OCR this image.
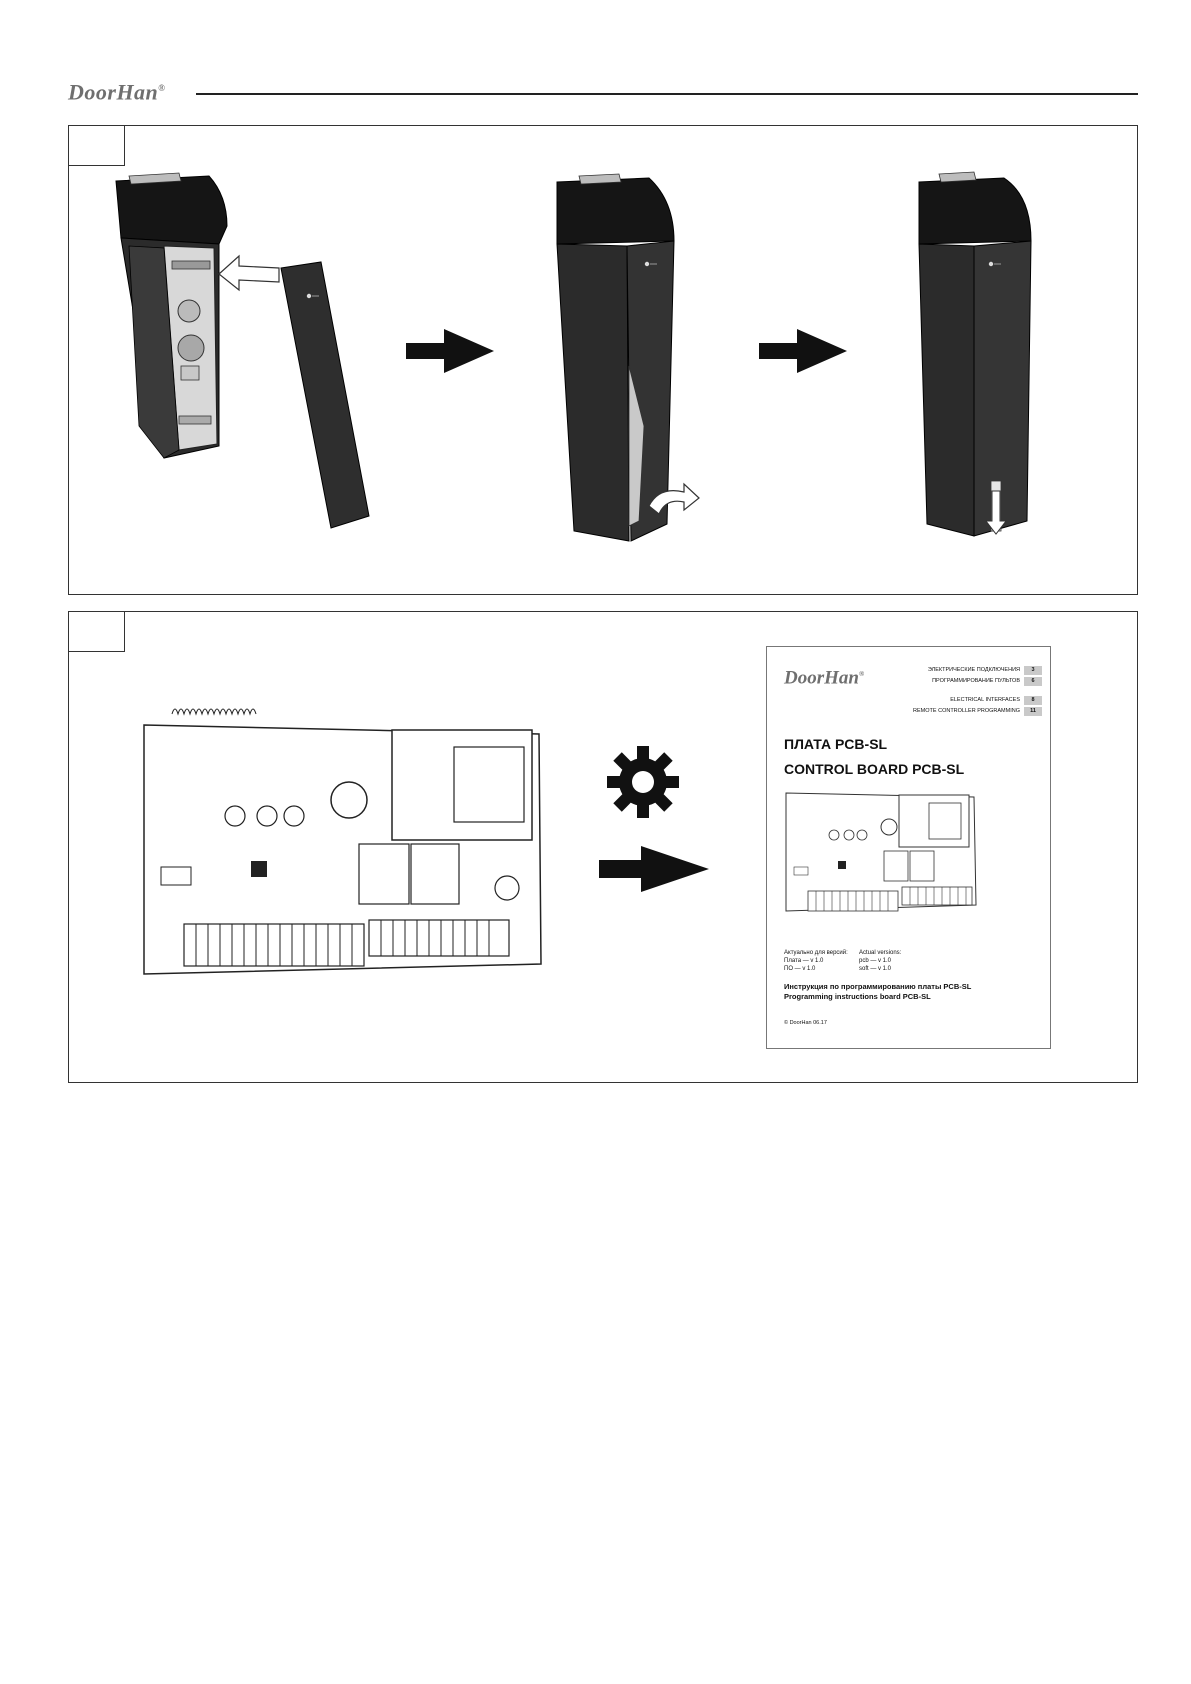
DoorHan®
DoorHan®	ЭЛЕКТРИЧЕСКИЕ ПОДКЛЮЧЕНИЯ	3
ПРОГРАММИРОВАНИЕ ПУЛЬТОВ	6
ELECTRICAL INTERFACES	8
REMOTE CONTROLLER PROGRAMMING	11
ПЛАТА PCB-SL
CONTROL BOARD PCB-SL
Актуально для версий:
Плата — v 1.0
ПО — v 1.0
Actual versions:
pcb — v 1.0
soft — v 1.0
Инструкция по программированию платы PCB-SL
Programming instructions board PCB-SL
© DoorHan 06.17
